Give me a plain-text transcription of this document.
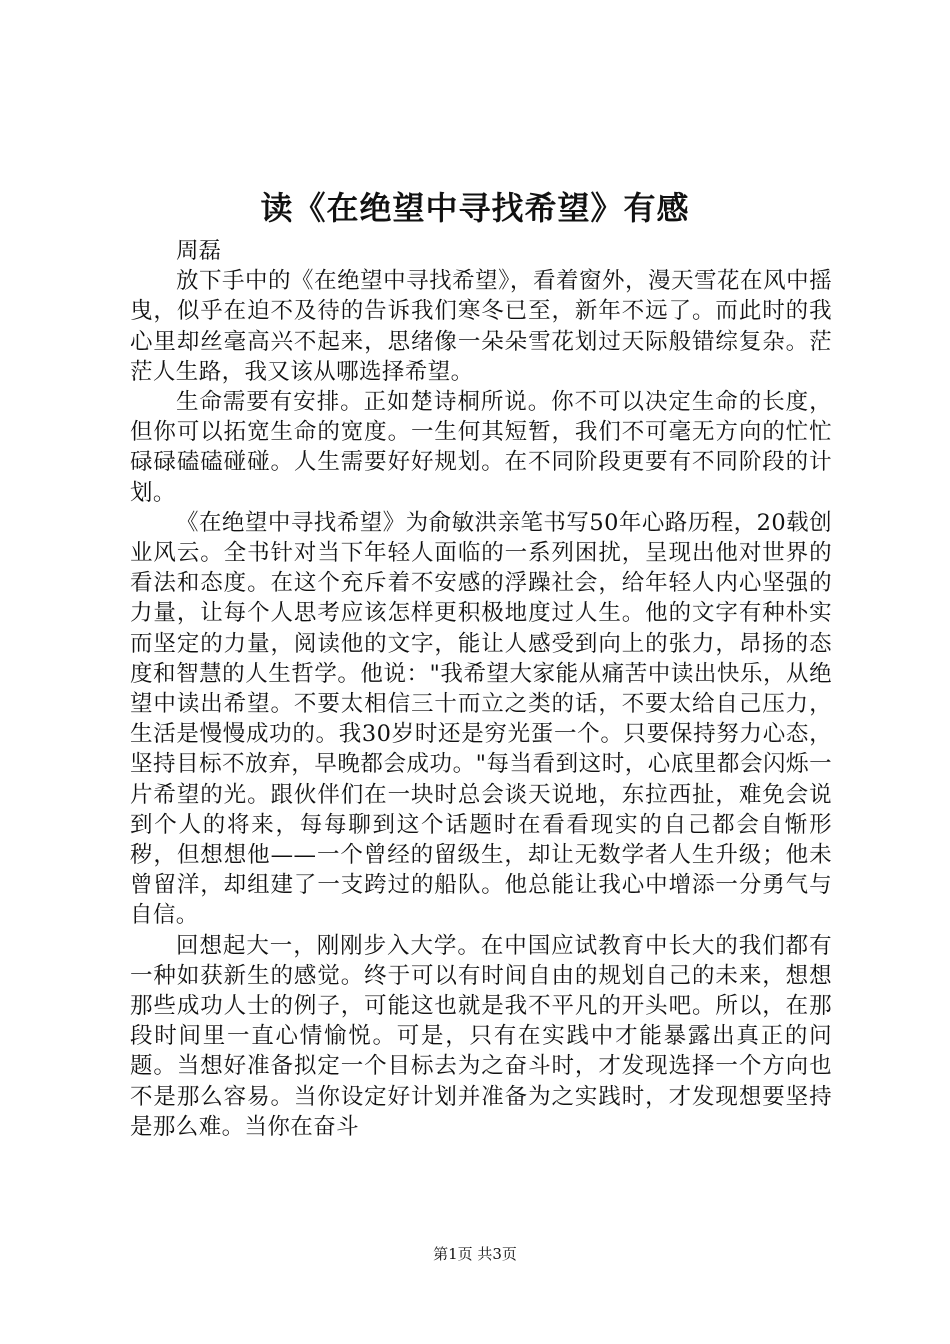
读《在绝望中寻找希望》有感

周磊

放下手中的《在绝望中寻找希望》，看着窗外，漫天雪花在风中摇曳，似乎在迫不及待的告诉我们寒冬已至，新年不远了。而此时的我心里却丝毫高兴不起来，思绪像一朵朵雪花划过天际般错综复杂。茫茫人生路，我又该从哪选择希望。

生命需要有安排。正如楚诗桐所说。你不可以决定生命的长度，但你可以拓宽生命的宽度。一生何其短暂，我们不可毫无方向的忙忙碌碌磕磕碰碰。人生需要好好规划。在不同阶段更要有不同阶段的计划。

《在绝望中寻找希望》为俞敏洪亲笔书写50年心路历程，20载创业风云。全书针对当下年轻人面临的一系列困扰，呈现出他对世界的看法和态度。在这个充斥着不安感的浮躁社会，给年轻人内心坚强的力量，让每个人思考应该怎样更积极地度过人生。他的文字有种朴实而坚定的力量，阅读他的文字，能让人感受到向上的张力，昂扬的态度和智慧的人生哲学。他说："我希望大家能从痛苦中读出快乐，从绝望中读出希望。不要太相信三十而立之类的话，不要太给自己压力，生活是慢慢成功的。我30岁时还是穷光蛋一个。只要保持努力心态，坚持目标不放弃，早晚都会成功。"每当看到这时，心底里都会闪烁一片希望的光。跟伙伴们在一块时总会谈天说地，东拉西扯，难免会说到个人的将来，每每聊到这个话题时在看看现实的自己都会自惭形秽，但想想他——一个曾经的留级生，却让无数学者人生升级；他未曾留洋，却组建了一支跨过的船队。他总能让我心中增添一分勇气与自信。

回想起大一，刚刚步入大学。在中国应试教育中长大的我们都有一种如获新生的感觉。终于可以有时间自由的规划自己的未来，想想那些成功人士的例子，可能这也就是我不平凡的开头吧。所以，在那段时间里一直心情愉悦。可是，只有在实践中才能暴露出真正的问题。当想好准备拟定一个目标去为之奋斗时，才发现选择一个方向也不是那么容易。当你设定好计划并准备为之实践时，才发现想要坚持是那么难。当你在奋斗

第1页 共3页
